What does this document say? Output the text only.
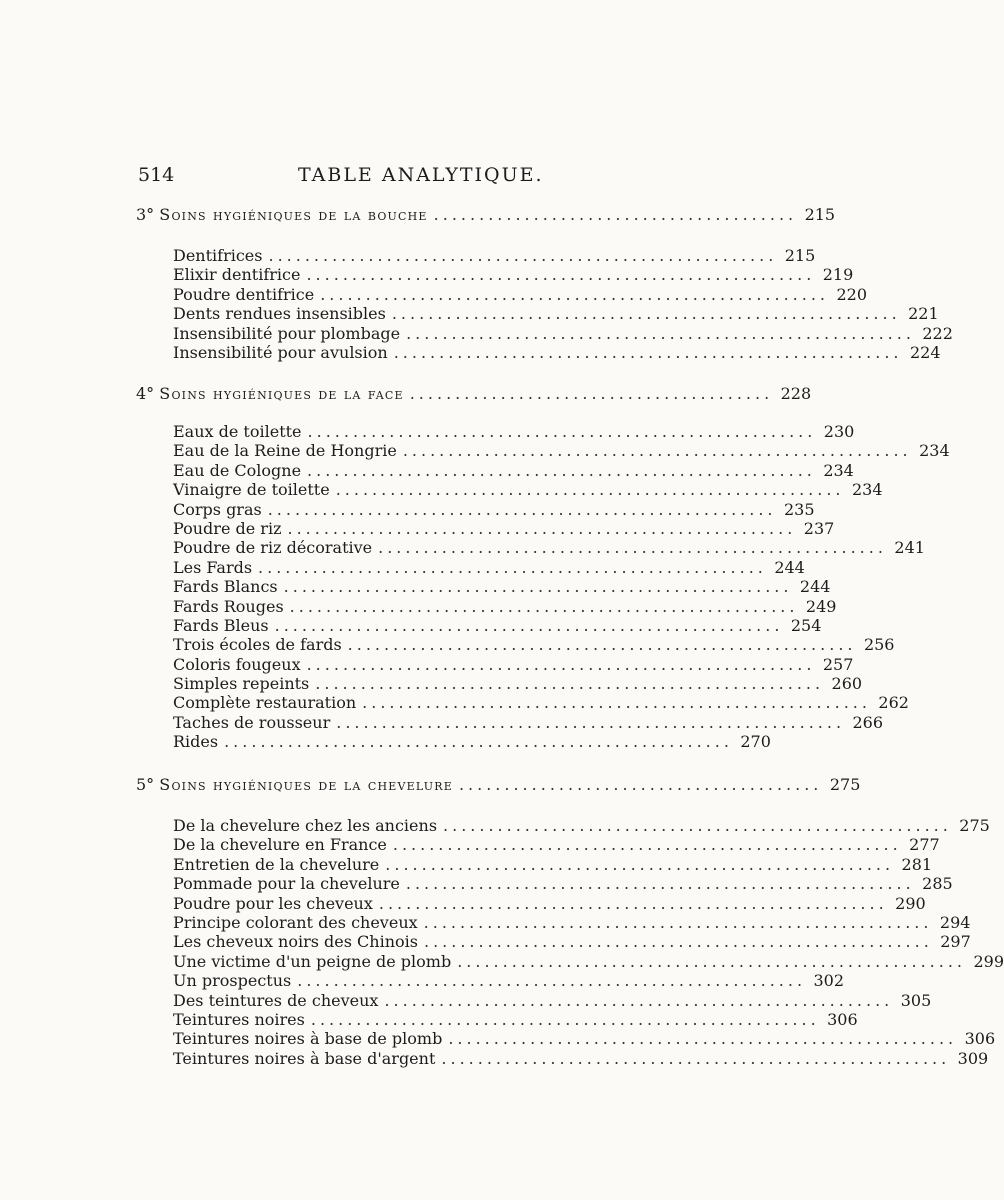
514	TABLE ANALYTIQUE.
3°
Soins hygiéniques de la bouche ........................................ 215
Dentifrices ........................................................ 215
Elixir dentifrice ........................................................ 219
Poudre dentifrice ........................................................ 220
Dents rendues insensibles ........................................................ 221
Insensibilité pour plombage ........................................................ 222
Insensibilité pour avulsion ........................................................ 224
4°
Soins hygiéniques de la face ........................................ 228
Eaux de toilette ........................................................ 230
Eau de la Reine de Hongrie ........................................................ 234
Eau de Cologne ........................................................ 234
Vinaigre de toilette ........................................................ 234
Corps gras ........................................................ 235
Poudre de riz ........................................................ 237
Poudre de riz décorative ........................................................ 241
Les Fards ........................................................ 244
Fards Blancs ........................................................ 244
Fards Rouges ........................................................ 249
Fards Bleus ........................................................ 254
Trois écoles de fards ........................................................ 256
Coloris fougeux ........................................................ 257
Simples repeints ........................................................ 260
Complète restauration ........................................................ 262
Taches de rousseur ........................................................ 266
Rides ........................................................ 270
5°
Soins hygiéniques de la chevelure ........................................ 275
De la chevelure chez les anciens ........................................................ 275
De la chevelure en France ........................................................ 277
Entretien de la chevelure ........................................................ 281
Pommade pour la chevelure ........................................................ 285
Poudre pour les cheveux ........................................................ 290
Principe colorant des cheveux ........................................................ 294
Les cheveux noirs des Chinois ........................................................ 297
Une victime d'un peigne de plomb ........................................................ 299
Un prospectus ........................................................ 302
Des teintures de cheveux ........................................................ 305
Teintures noires ........................................................ 306
Teintures noires à base de plomb ........................................................ 306
Teintures noires à base d'argent ........................................................ 309
